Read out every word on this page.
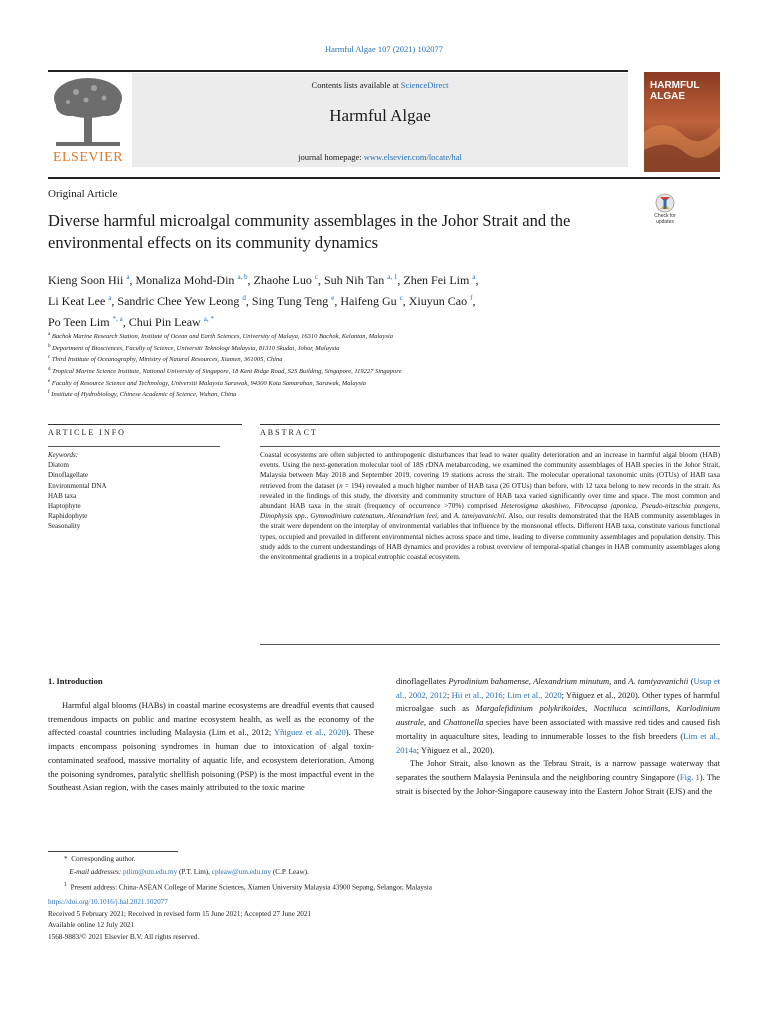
Harmful Algae 107 (2021) 102077
ELSEVIER
Contents lists available at ScienceDirect
Harmful Algae
journal homepage: www.elsevier.com/locate/hal
HARMFUL
ALGAE
Original Article
Diverse harmful microalgal community assemblages in the Johor Strait and the environmental effects on its community dynamics
Check for
updates
Kieng Soon Hii $^a$, Monaliza Mohd-Din $^{a, b}$, Zhaohe Luo $^c$, Suh Nih Tan $^{a, 1}$, Zhen Fei Lim $^a$,
Li Keat Lee $^a$, Sandric Chee Yew Leong $^d$, Sing Tung Teng $^e$, Haifeng Gu $^c$, Xiuyun Cao $^f$,
Po Teen Lim $^{*, a}$, Chui Pin Leaw $^{a, *}$
$^a$ Bachok Marine Research Station, Institute of Ocean and Earth Sciences, University of Malaya, 16310 Bachok, Kelantan, Malaysia
$^b$ Department of Biosciences, Faculty of Science, Universiti Teknologi Malaysia, 81310 Skudai, Johor, Malaysia
$^c$ Third Institute of Oceanography, Ministry of Natural Resources, Xiamen, 361005, China
$^d$ Tropical Marine Science Institute, National University of Singapore, 18 Kent Ridge Road, S2S Building, Singapore, 119227 Singapore
$^e$ Faculty of Resource Science and Technology, Universiti Malaysia Sarawak, 94300 Kota Samarahan, Sarawak, Malaysia
$^f$ Institute of Hydrobiology, Chinese Academic of Science, Wuhan, China
ARTICLE INFO	ABSTRACT
Keywords:
Diatom
Dinoflagellate
Environmental DNA
HAB taxa
Haptophyte
Raphidophyte
Seasonality
Coastal ecosystems are often subjected to anthropogenic disturbances that lead to water quality deterioration and an increase in harmful algal bloom (HAB) events. Using the next-generation molecular tool of 18S rDNA metabarcoding, we examined the community assemblages of HAB species in the Johor Strait, Malaysia between May 2018 and September 2019, covering 19 stations across the strait. The molecular operational taxonomic units (OTUs) of HAB taxa retrieved from the dataset (n = 194) revealed a much higher number of HAB taxa (26 OTUs) than before, with 12 taxa belong to new records in the strait. As revealed in the findings of this study, the diversity and community structure of HAB taxa varied significantly over time and space. The most common and abundant HAB taxa in the strait (frequency of occurrence >70%) comprised Heterosigma akashiwo, Fibrocapsa japonica, Pseudo-nitzschia pungens, Dinophysis spp., Gymnodinium catenatum, Alexandrium leei, and A. tamiyavanichii. Also, our results demonstrated that the HAB community assemblages in the strait were dependent on the interplay of environmental variables that influence by the monsoonal effects. Different HAB taxa, constitute various functional types, occupied and prevailed in different environmental niches across space and time, leading to diverse community assemblages and population density. This study adds to the current understandings of HAB dynamics and provides a robust overview of temporal-spatial changes in HAB community assemblages along the environmental gradients in a tropical eutrophic coastal ecosystem.
1. Introduction

Harmful algal blooms (HABs) in coastal marine ecosystems are dreadful events that caused tremendous impacts on public and marine ecosystem health, as well as the economy of the affected coastal countries including Malaysia (Lim et al., 2012; Yñiguez et al., 2020). These impacts encompass poisoning syndromes in human due to intoxication of algal toxin-contaminated seafood, massive mortality of aquatic life, and ecosystem deterioration. Among the poisoning syndromes, paralytic shellfish poisoning (PSP) is the most impactful event in the Southeast Asian region, with the cases mainly attributed to the toxic marine

dinoflagellates Pyrodinium bahamense, Alexandrium minutum, and A. tamiyavanichii (Usup et al., 2002, 2012; Hii et al., 2016; Lim et al., 2020; Yñiguez et al., 2020). Other types of harmful microalgae such as Margalefidinium polykrikoides, Noctiluca scintillans, Karlodinium australe, and Chattonella species have been associated with massive red tides and caused fish mortality in aquaculture sites, leading to innumerable losses to the fish breeders (Lim et al., 2014a; Yñiguez et al., 2020).

The Johor Strait, also known as the Tebrau Strait, is a narrow passage waterway that separates the southern Malaysia Peninsula and the neighboring country Singapore (Fig. 1). The strait is bisected by the Johor-Singapore causeway into the Eastern Johor Strait (EJS) and the

* Corresponding author.
E-mail addresses: ptlim@um.edu.my (P.T. Lim), cpleaw@um.edu.my (C.P. Leaw).
$^1$ Present address: China-ASEAN College of Marine Sciences, Xiamen University Malaysia 43900 Sepang, Selangor, Malaysia
https://doi.org/10.1016/j.hal.2021.102077
Received 5 February 2021; Received in revised form 15 June 2021; Accepted 27 June 2021
Available online 12 July 2021
1568-9883/© 2021 Elsevier B.V. All rights reserved.
